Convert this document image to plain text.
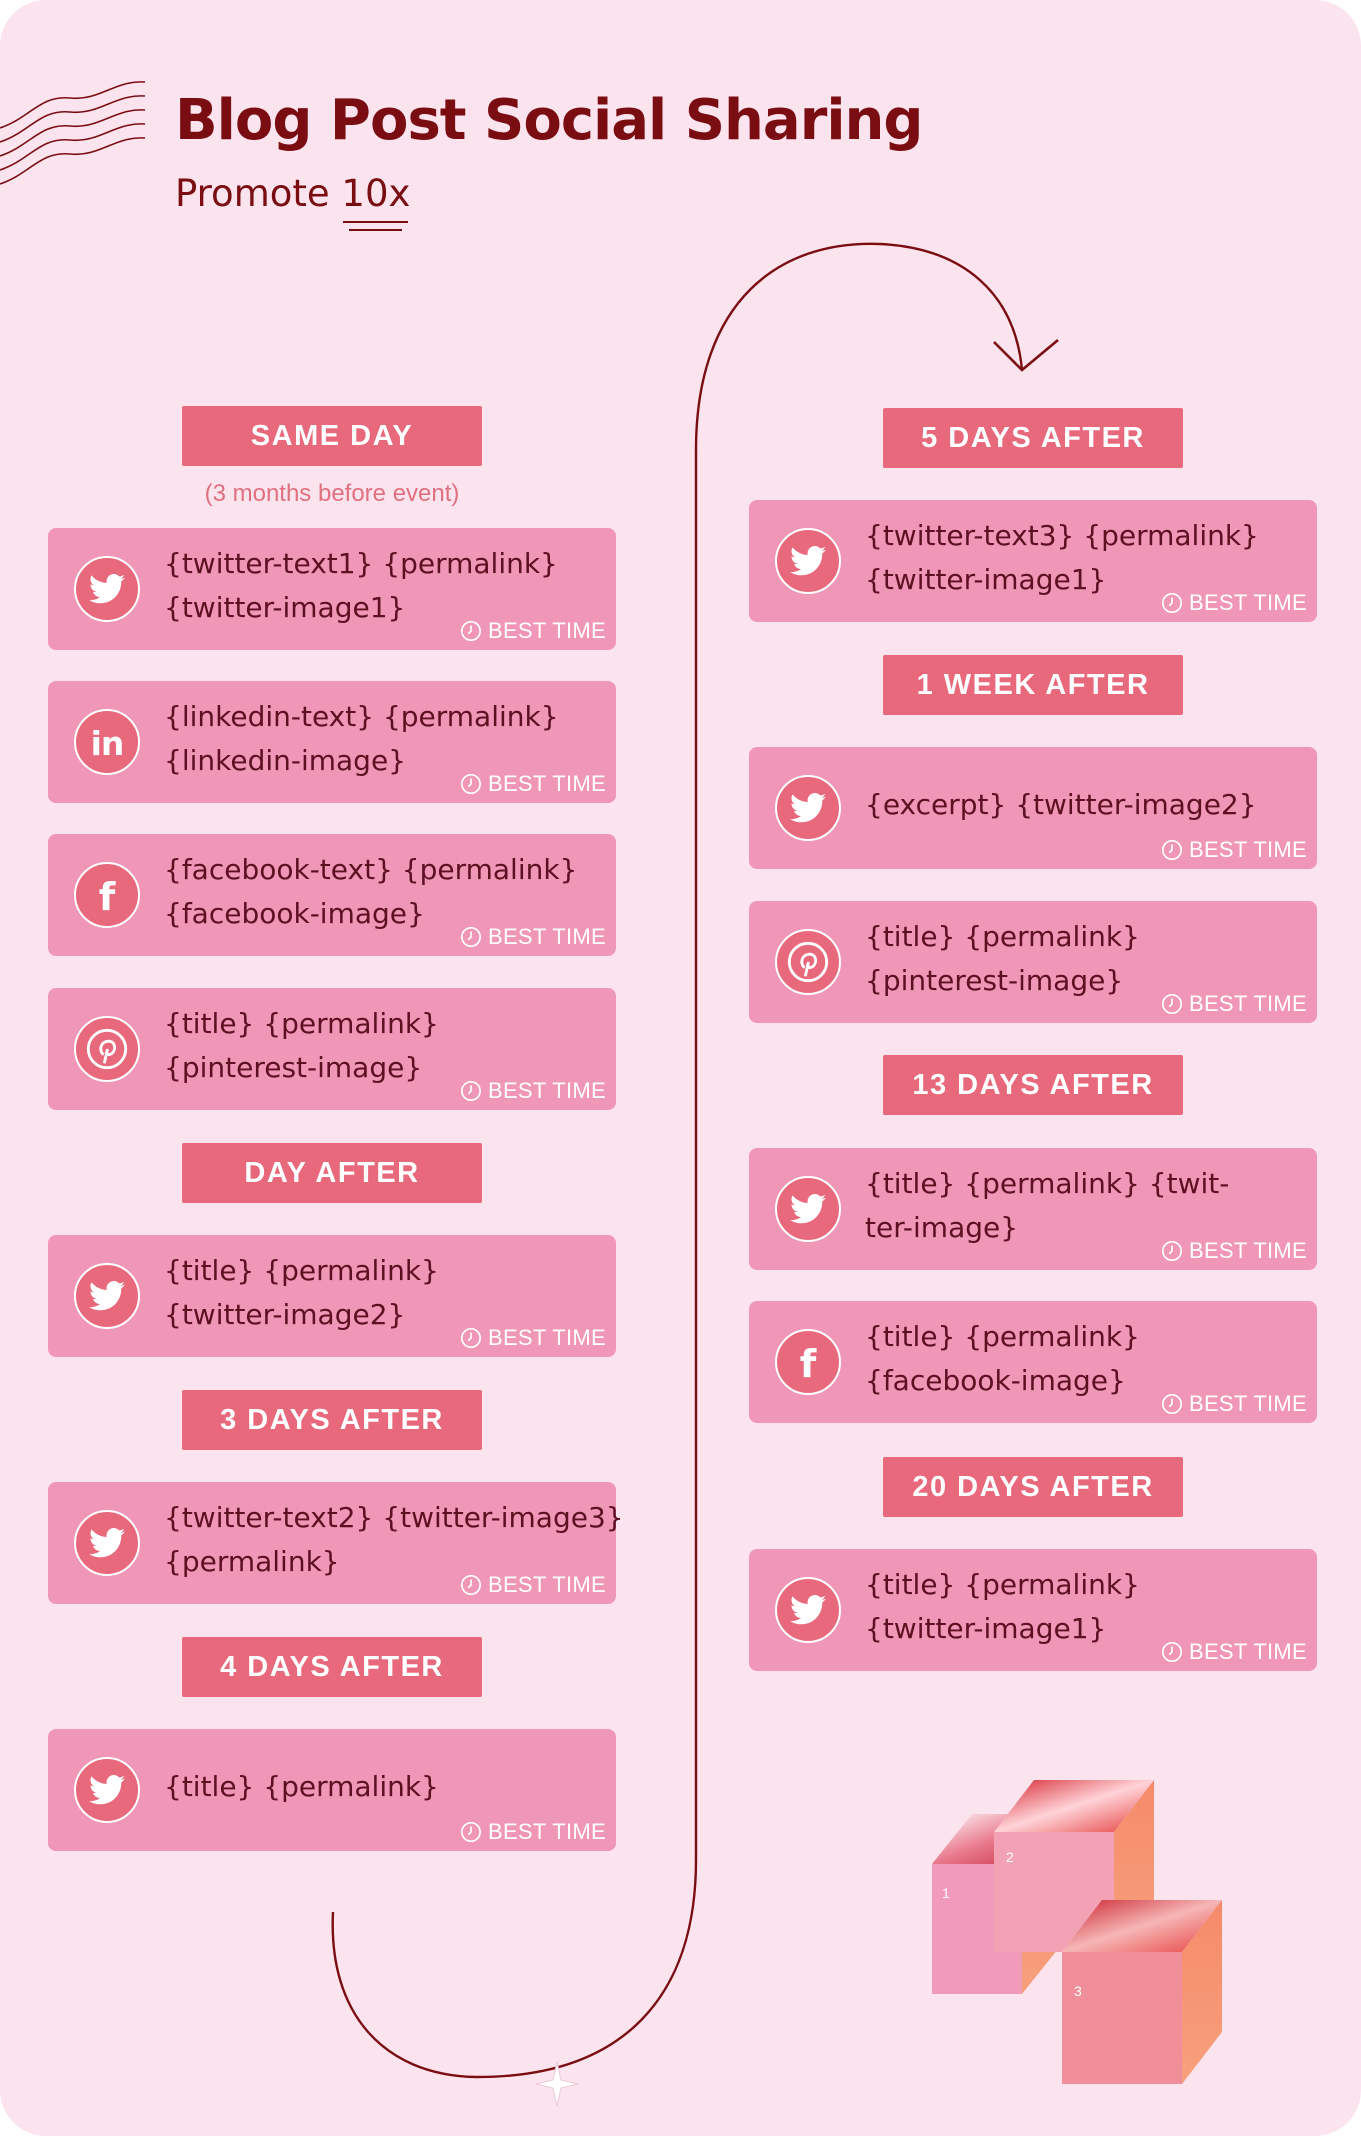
Blog Post Social Sharing
Promote 10x
SAME DAY
(3 months before event)
{twitter-text1} {permalink}
{twitter-image1}
BEST TIME
in
{linkedin-text} {permalink}
{linkedin-image}
BEST TIME
f
{facebook-text} {permalink}
{facebook-image}
BEST TIME
{title} {permalink}
{pinterest-image}
BEST TIME
DAY AFTER
{title} {permalink}
{twitter-image2}
BEST TIME
3 DAYS AFTER
{twitter-text2} {twitter-image3}
{permalink}
BEST TIME
4 DAYS AFTER
{title} {permalink}
BEST TIME
5 DAYS AFTER
{twitter-text3} {permalink}
{twitter-image1}
BEST TIME
1 WEEK AFTER
{excerpt} {twitter-image2}
BEST TIME
{title} {permalink}
{pinterest-image}
BEST TIME
13 DAYS AFTER
{title} {permalink} {twit-
ter-image}
BEST TIME
f
{title} {permalink}
{facebook-image}
BEST TIME
20 DAYS AFTER
{title} {permalink}
{twitter-image1}
BEST TIME
1
2
3
